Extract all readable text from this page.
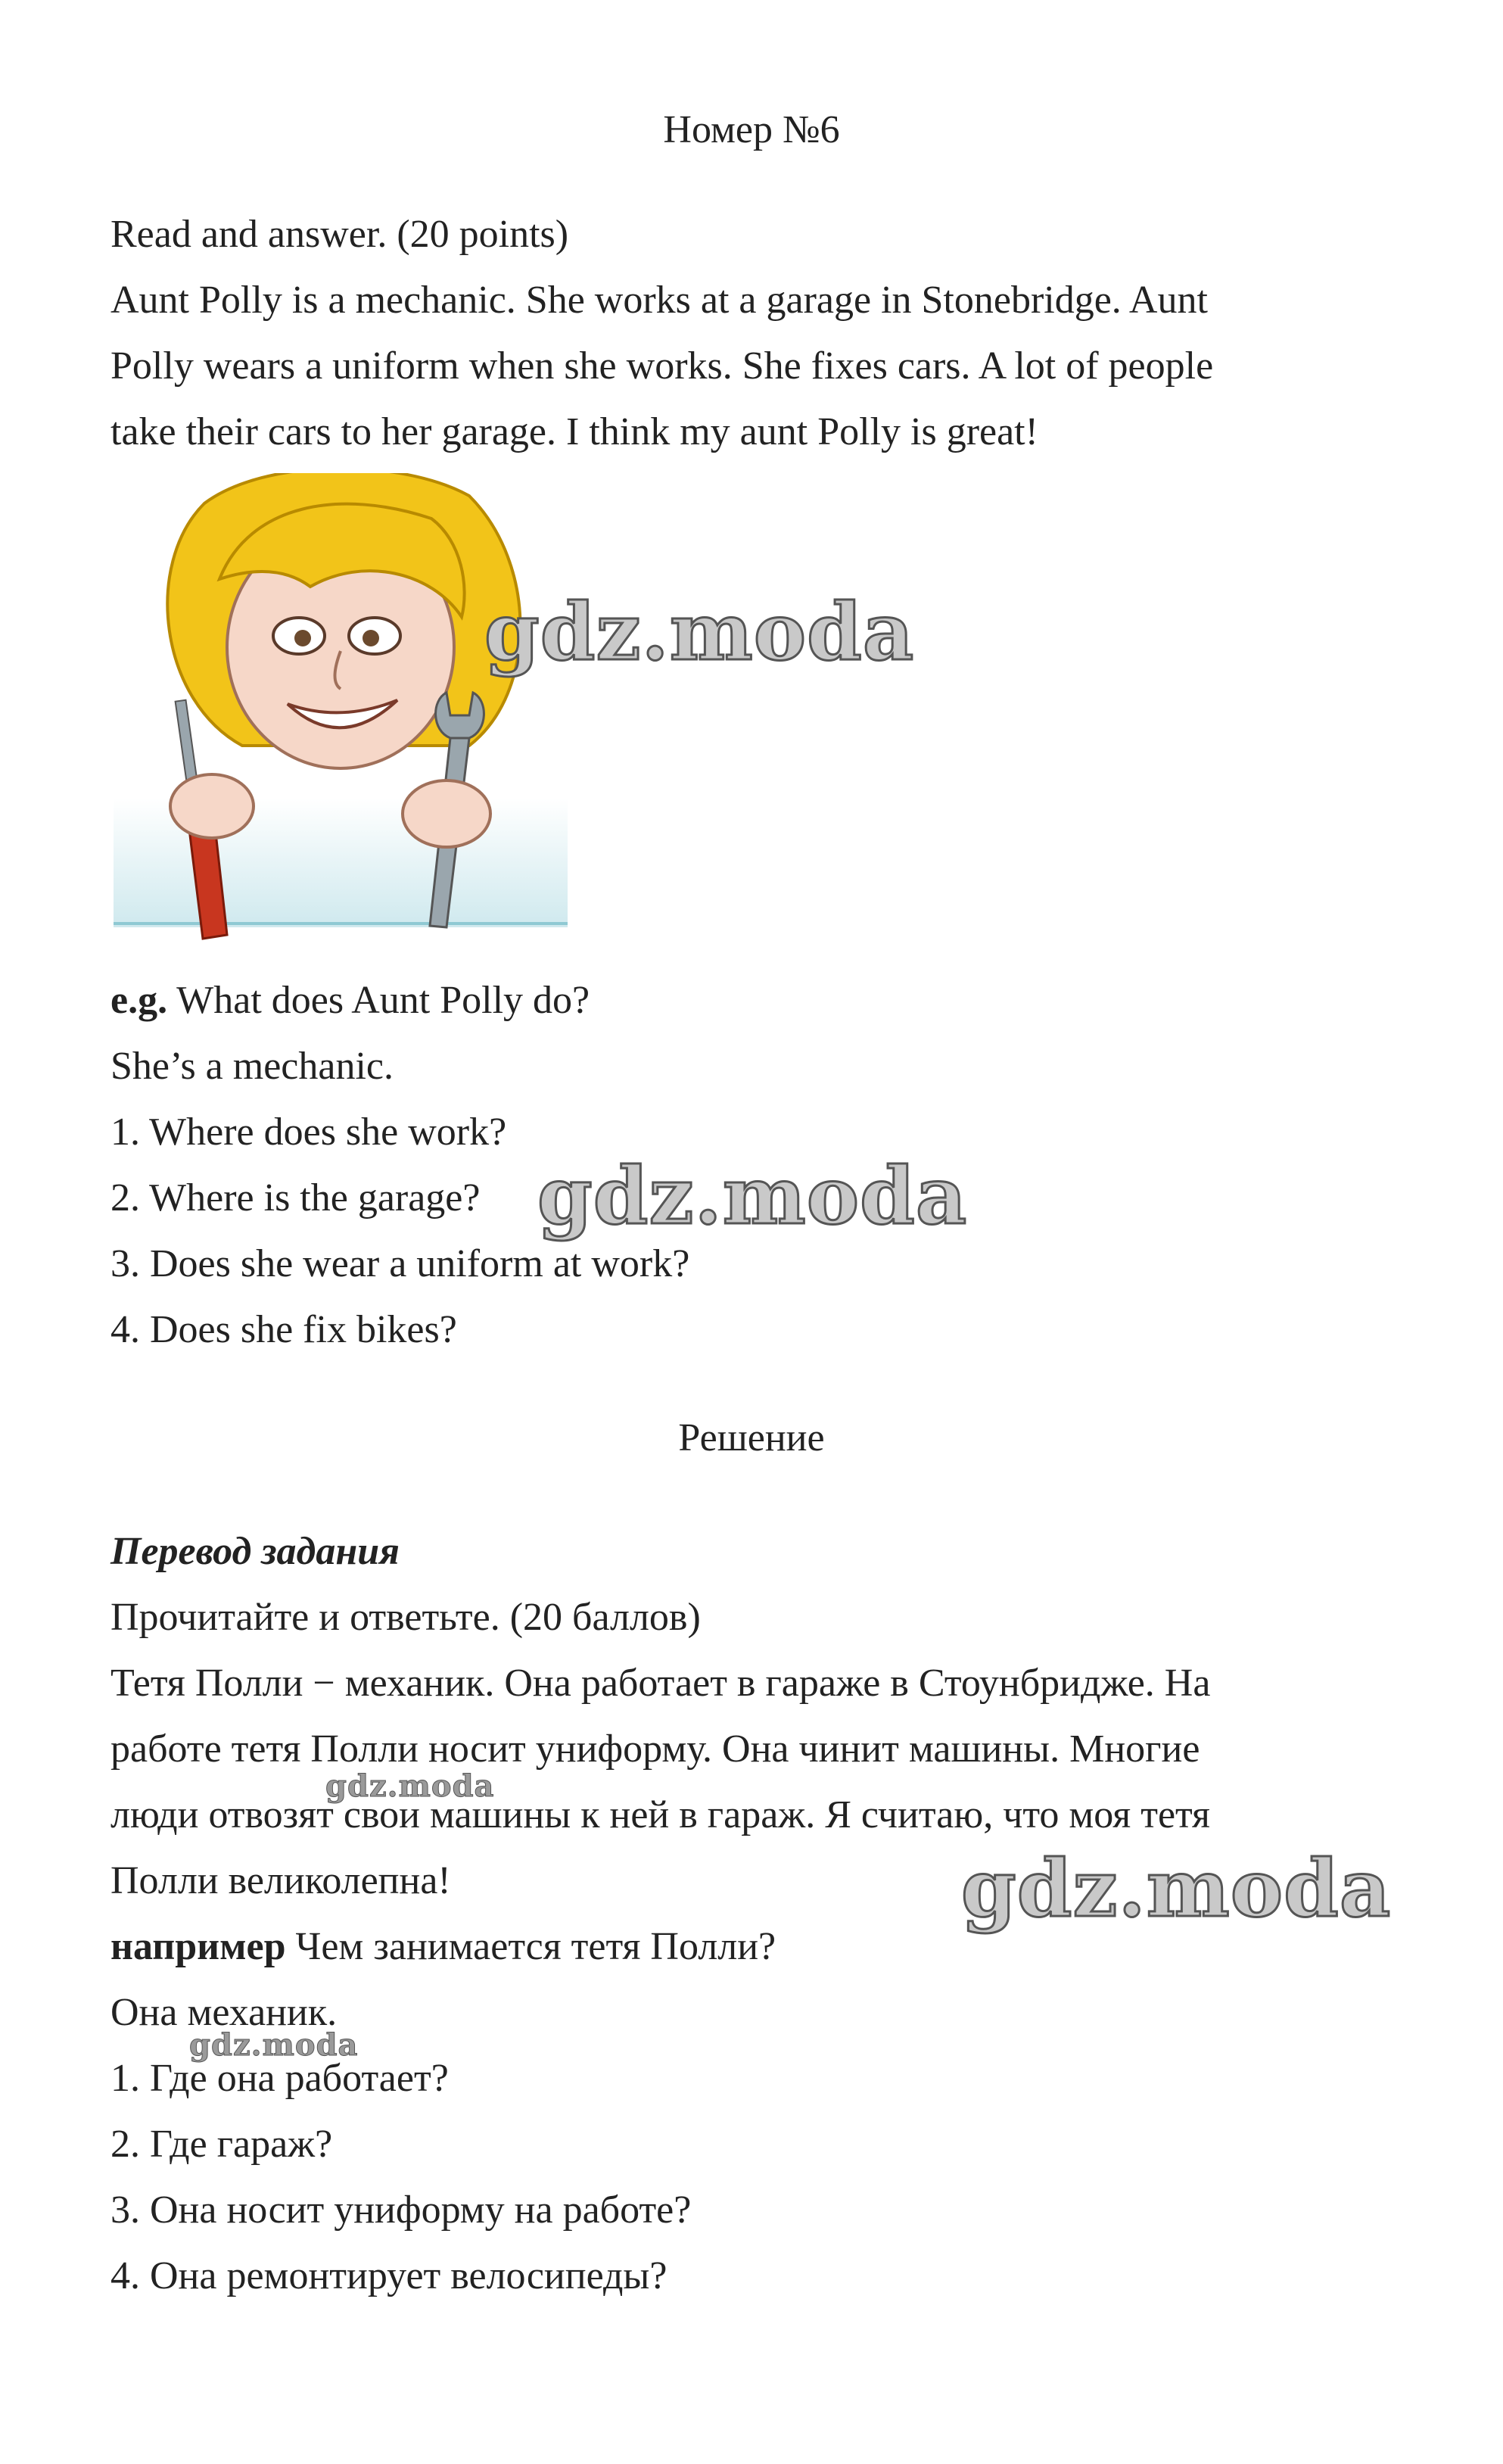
Номер №6
Read and answer. (20 points)
Aunt Polly is a mechanic. She works at a garage in Stonebridge. Aunt
Polly wears a uniform when she works. She fixes cars. A lot of people
take their cars to her garage. I think my aunt Polly is great!
gdz.moda
e.g. What does Aunt Polly do?
She’s a mechanic.
1. Where does she work?
2. Where is the garage?
3. Does she wear a uniform at work?
4. Does she fix bikes?
gdz.moda
Решение
Перевод задания
Прочитайте и ответьте. (20 баллов)
Тетя Полли − механик. Она работает в гараже в Стоунбридже. На
работе тетя Полли носит униформу. Она чинит машины. Многие
люди отвозят свои машины к ней в гараж. Я считаю, что моя тетя
Полли великолепна!
gdz.moda
gdz.moda
например Чем занимается тетя Полли?
Она механик.
gdz.moda
1. Где она работает?
2. Где гараж?
3. Она носит униформу на работе?
4. Она ремонтирует велосипеды?
